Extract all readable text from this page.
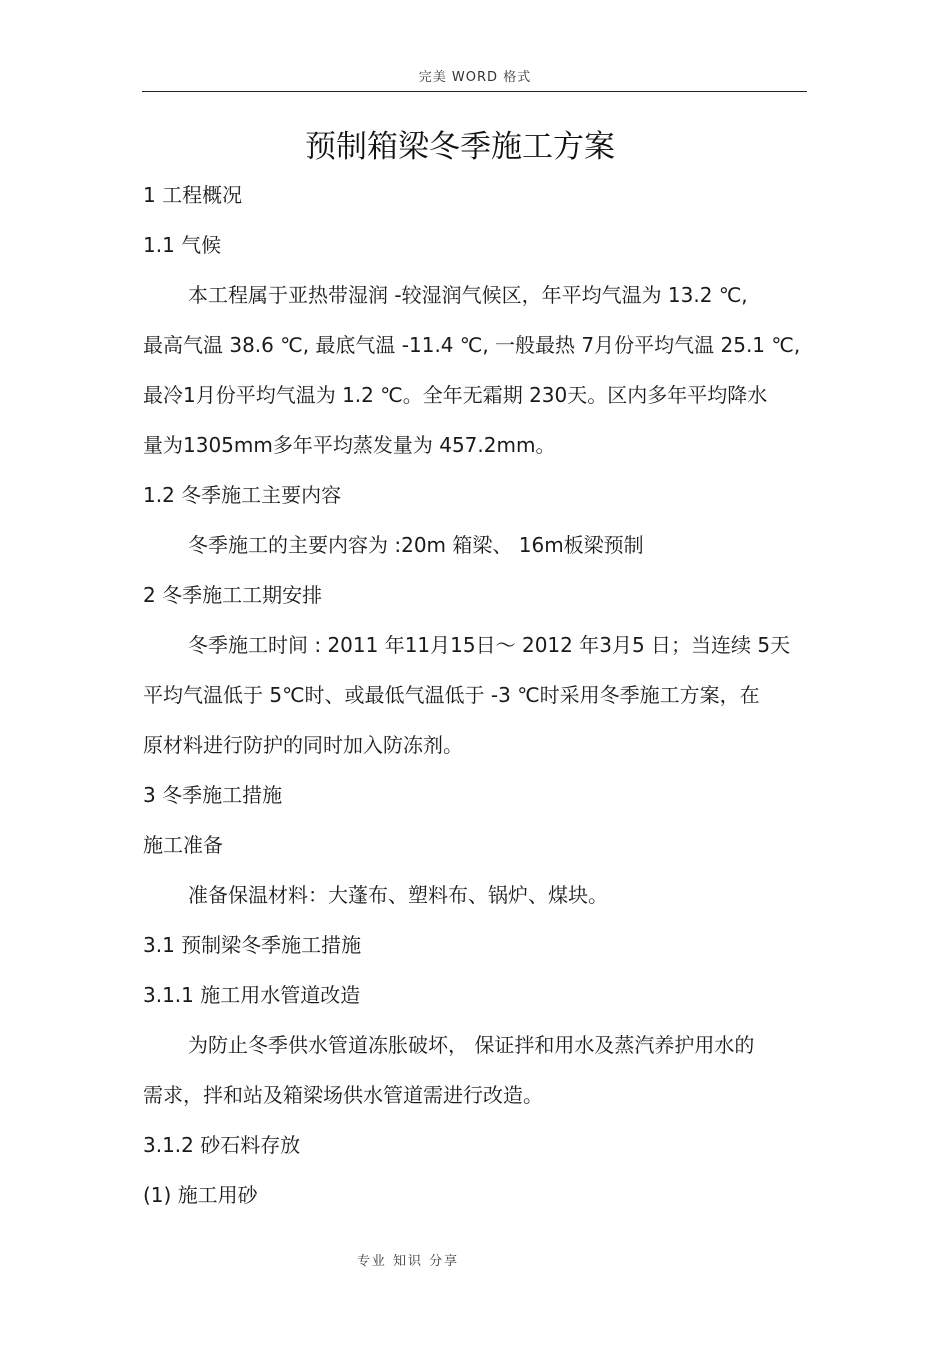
完美 WORD 格式
预制箱梁冬季施工方案

1 工程概况

1.1 气候

本工程属于亚热带湿润 -较湿润气候区，年平均气温为 13.2 ℃,

最高气温 38.6 ℃, 最底气温 -11.4 ℃, 一般最热 7月份平均气温 25.1 ℃,

最冷1月份平均气温为 1.2 ℃。全年无霜期 230天。区内多年平均降水

量为1305mm多年平均蒸发量为 457.2mm。

1.2 冬季施工主要内容

冬季施工的主要内容为 :20m 箱梁、 16m板梁预制

2 冬季施工工期安排

冬季施工时间 : 2011 年11月15日～ 2012 年3月5 日；当连续 5天

平均气温低于 5℃时、或最低气温低于 -3 ℃时采用冬季施工方案，在

原材料进行防护的同时加入防冻剂。

3 冬季施工措施

施工准备

准备保温材料：大蓬布、塑料布、锅炉、煤块。

3.1 预制梁冬季施工措施

3.1.1 施工用水管道改造

为防止冬季供水管道冻胀破坏， 保证拌和用水及蒸汽养护用水的

需求，拌和站及箱梁场供水管道需进行改造。

3.1.2 砂石料存放

(1) 施工用砂

专业 知识 分享
